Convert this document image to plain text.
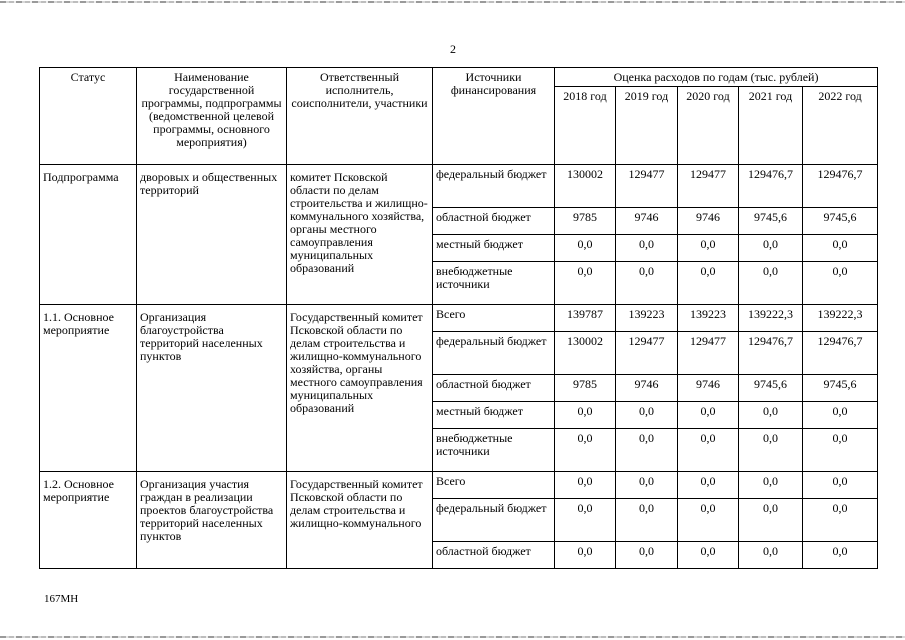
2
Статус	Наименование государственной программы, подпрограммы (ведомственной целевой программы, основного мероприятия)	Ответственный исполнитель, соисполнители, участники	Источники финансирования	Оценка расходов по годам (тыс. рублей)				
				2018 год	2019 год	2020 год	2021 год	2022 год
Подпрограмма	дворовых и общественных территорий	комитет Псковской области по делам строительства и жилищно-коммунального хозяйства, органы местного самоуправления муниципальных образований	федеральный бюджет	130002	129477	129477	129476,7	129476,7
			областной бюджет	9785	9746	9746	9745,6	9745,6
			местный бюджет	0,0	0,0	0,0	0,0	0,0
			внебюджетные источники	0,0	0,0	0,0	0,0	0,0
1.1. Основное мероприятие	Организация благоустройства территорий населенных пунктов	Государственный комитет Псковской области по делам строительства и жилищно-коммунального хозяйства, органы местного самоуправления муниципальных образований	Всего	139787	139223	139223	139222,3	139222,3
			федеральный бюджет	130002	129477	129477	129476,7	129476,7
			областной бюджет	9785	9746	9746	9745,6	9745,6
			местный бюджет	0,0	0,0	0,0	0,0	0,0
			внебюджетные источники	0,0	0,0	0,0	0,0	0,0
1.2. Основное мероприятие	Организация участия граждан в реализации проектов благоустройства территорий населенных пунктов	Государственный комитет Псковской области по делам строительства и жилищно-коммунального	Всего	0,0	0,0	0,0	0,0	0,0
			федеральный бюджет	0,0	0,0	0,0	0,0	0,0
			областной бюджет	0,0	0,0	0,0	0,0	0,0
167МН
